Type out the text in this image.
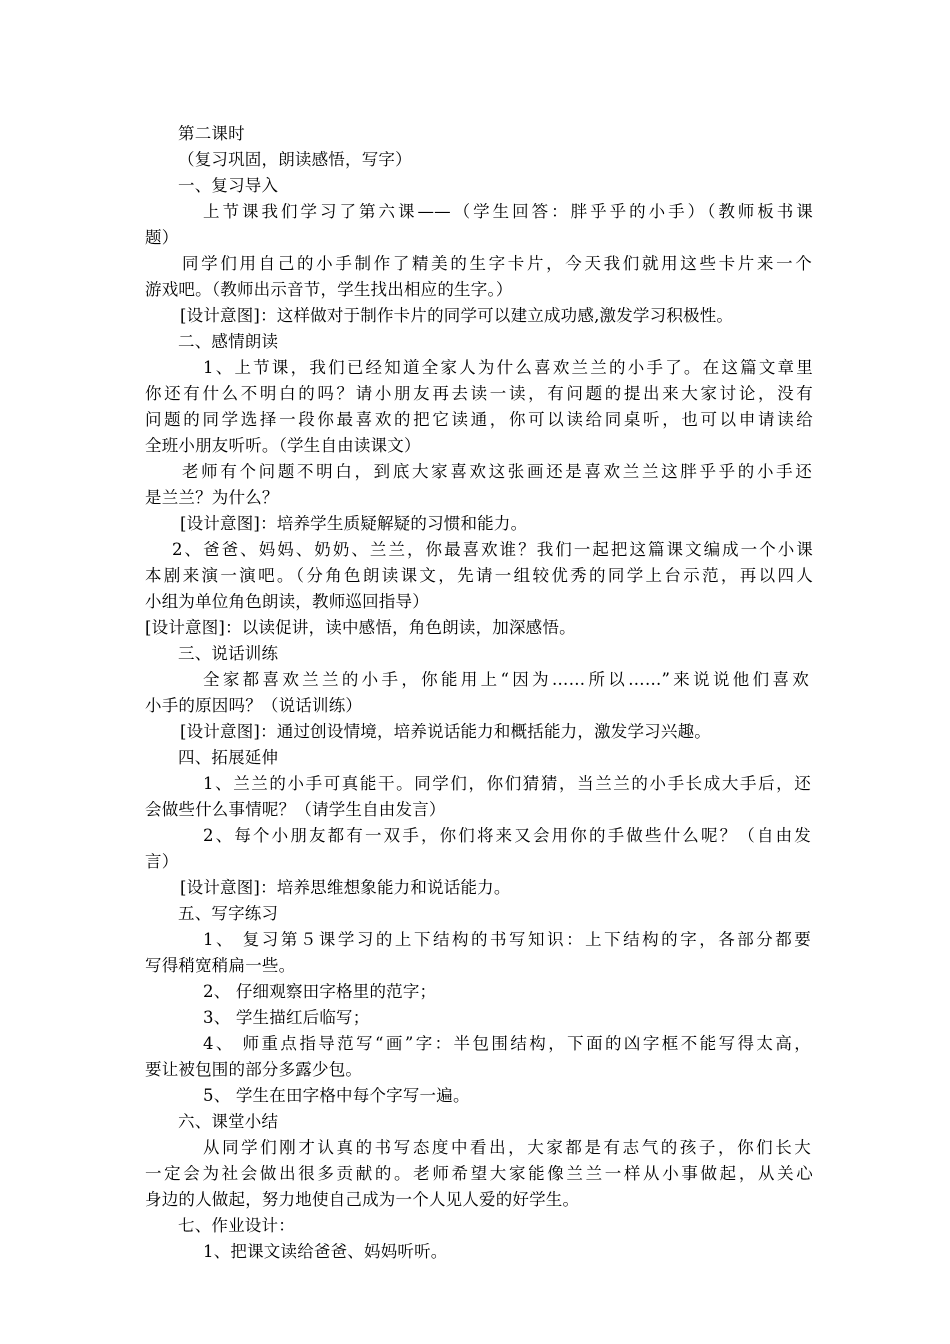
第二课时
（复习巩固，朗读感悟，写字）
一、复习导入
上节课我们学习了第六课——（学生回答：胖乎乎的小手）（教师板书课
题）
同学们用自己的小手制作了精美的生字卡片，今天我们就用这些卡片来一个
游戏吧。（教师出示音节，学生找出相应的生字。）
[设计意图]：这样做对于制作卡片的同学可以建立成功感,激发学习积极性。
二、感情朗读
1、上节课，我们已经知道全家人为什么喜欢兰兰的小手了。在这篇文章里
你还有什么不明白的吗？请小朋友再去读一读，有问题的提出来大家讨论，没有
问题的同学选择一段你最喜欢的把它读通，你可以读给同桌听，也可以申请读给
全班小朋友听听。（学生自由读课文）
老师有个问题不明白，到底大家喜欢这张画还是喜欢兰兰这胖乎乎的小手还
是兰兰？为什么？
[设计意图]：培养学生质疑解疑的习惯和能力。
2、爸爸、妈妈、奶奶、兰兰，你最喜欢谁？我们一起把这篇课文编成一个小课
本剧来演一演吧。（分角色朗读课文，先请一组较优秀的同学上台示范，再以四人
小组为单位角色朗读，教师巡回指导）
[设计意图]：以读促讲，读中感悟，角色朗读，加深感悟。
三、说话训练
全家都喜欢兰兰的小手，你能用上“因为……所以……”来说说他们喜欢
小手的原因吗？（说话训练）
[设计意图]：通过创设情境，培养说话能力和概括能力，激发学习兴趣。
四、拓展延伸
1、兰兰的小手可真能干。同学们，你们猜猜，当兰兰的小手长成大手后，还
会做些什么事情呢？（请学生自由发言）
2、每个小朋友都有一双手，你们将来又会用你的手做些什么呢？（自由发
言）
[设计意图]：培养思维想象能力和说话能力。
五、写字练习
1、 复习第５课学习的上下结构的书写知识：上下结构的字，各部分都要
写得稍宽稍扁一些。
2、 仔细观察田字格里的范字；
3、 学生描红后临写；
4、 师重点指导范写“画”字：半包围结构，下面的凶字框不能写得太高，
要让被包围的部分多露少包。
5、 学生在田字格中每个字写一遍。
六、课堂小结
从同学们刚才认真的书写态度中看出，大家都是有志气的孩子，你们长大
一定会为社会做出很多贡献的。老师希望大家能像兰兰一样从小事做起，从关心
身边的人做起，努力地使自己成为一个人见人爱的好学生。
七、作业设计：
1、把课文读给爸爸、妈妈听听。
